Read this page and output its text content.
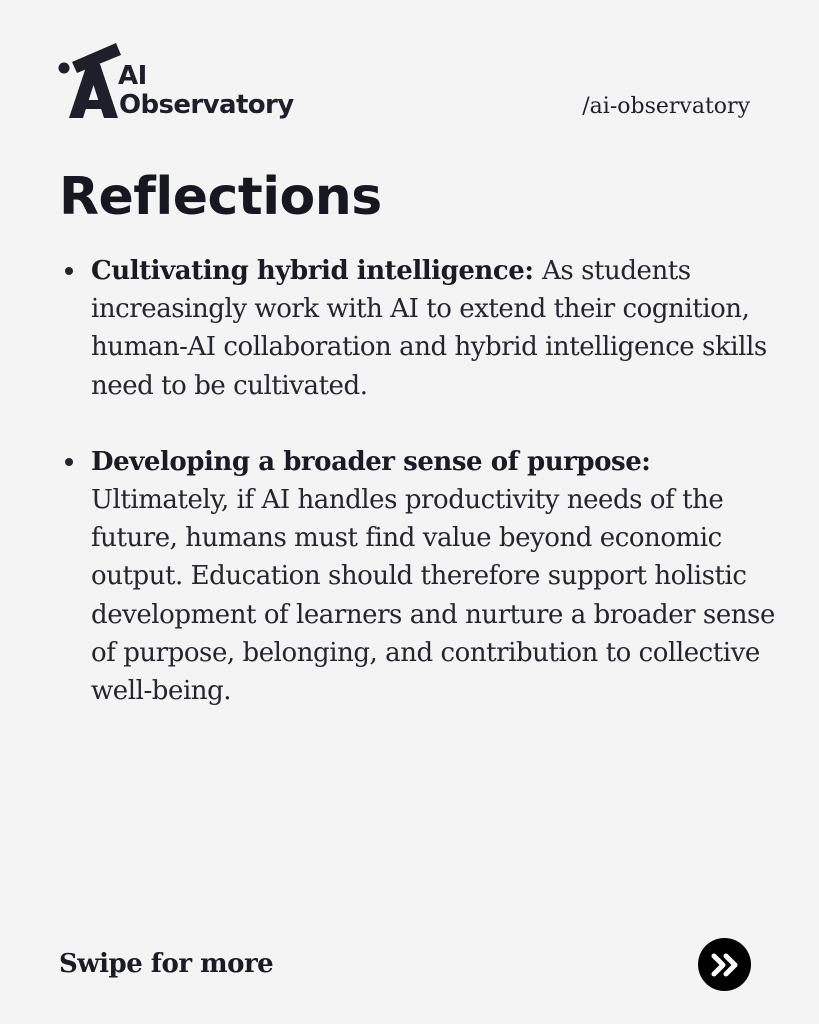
AI
Observatory	/ai-observatory
Reflections
Cultivating hybrid intelligence: As students increasingly work with AI to extend their cognition, human-AI collaboration and hybrid intelligence skills need to be cultivated.
Developing a broader sense of purpose: Ultimately, if AI handles productivity needs of the future, humans must find value beyond economic output. Education should therefore support holistic development of learners and nurture a broader sense of purpose, belonging, and contribution to collective well-being.
Swipe for more
